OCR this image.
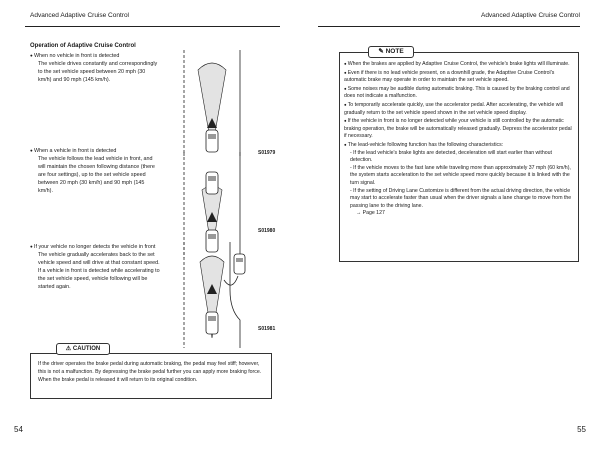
Advanced Adaptive Cruise Control	Advanced Adaptive Cruise Control
Operation of Adaptive Cruise Control
● When no vehicle in front is detected
The vehicle drives constantly and correspondingly to the set vehicle speed between 20 mph (30 km/h) and 90 mph (145 km/h).
● When a vehicle in front is detected
The vehicle follows the lead vehicle in front, and will maintain the chosen following distance (there are four settings), up to the set vehicle speed between 20 mph (30 km/h) and 90 mph (145 km/h).
● If your vehicle no longer detects the vehicle in front
The vehicle gradually accelerates back to the set vehicle speed and will drive at that constant speed.
If a vehicle in front is detected while accelerating to the set vehicle speed, vehicle following will be started again.
S01979
S01980
S01981
⚠ CAUTION
If the driver operates the brake pedal during automatic braking, the pedal may feel stiff; however, this is not a malfunction. By depressing the brake pedal further you can apply more braking force. When the brake pedal is released it will return to its original condition.
✎ NOTE
● When the brakes are applied by Adaptive Cruise Control, the vehicle's brake lights will illuminate.
● Even if there is no lead vehicle present, on a downhill grade, the Adaptive Cruise Control's automatic brake may operate in order to maintain the set vehicle speed.
● Some noises may be audible during automatic braking. This is caused by the braking control and does not indicate a malfunction.
● To temporarily accelerate quickly, use the accelerator pedal. After accelerating, the vehicle will gradually return to the set vehicle speed shown in the set vehicle speed display.
● If the vehicle in front is no longer detected while your vehicle is still controlled by the automatic braking operation, the brake will be automatically released gradually. Depress the accelerator pedal if necessary.
● The lead-vehicle following function has the following characteristics:
- If the lead vehicle's brake lights are detected, deceleration will start earlier than without detection.
- If the vehicle moves to the fast lane while traveling more than approximately 37 mph (60 km/h), the system starts acceleration to the set vehicle speed more quickly because it is linked with the turn signal.
- If the setting of Driving Lane Customize is different from the actual driving direction, the vehicle may start to accelerate faster than usual when the driver signals a lane change to move from the passing lane to the driving lane.
→ Page 127
54	55
